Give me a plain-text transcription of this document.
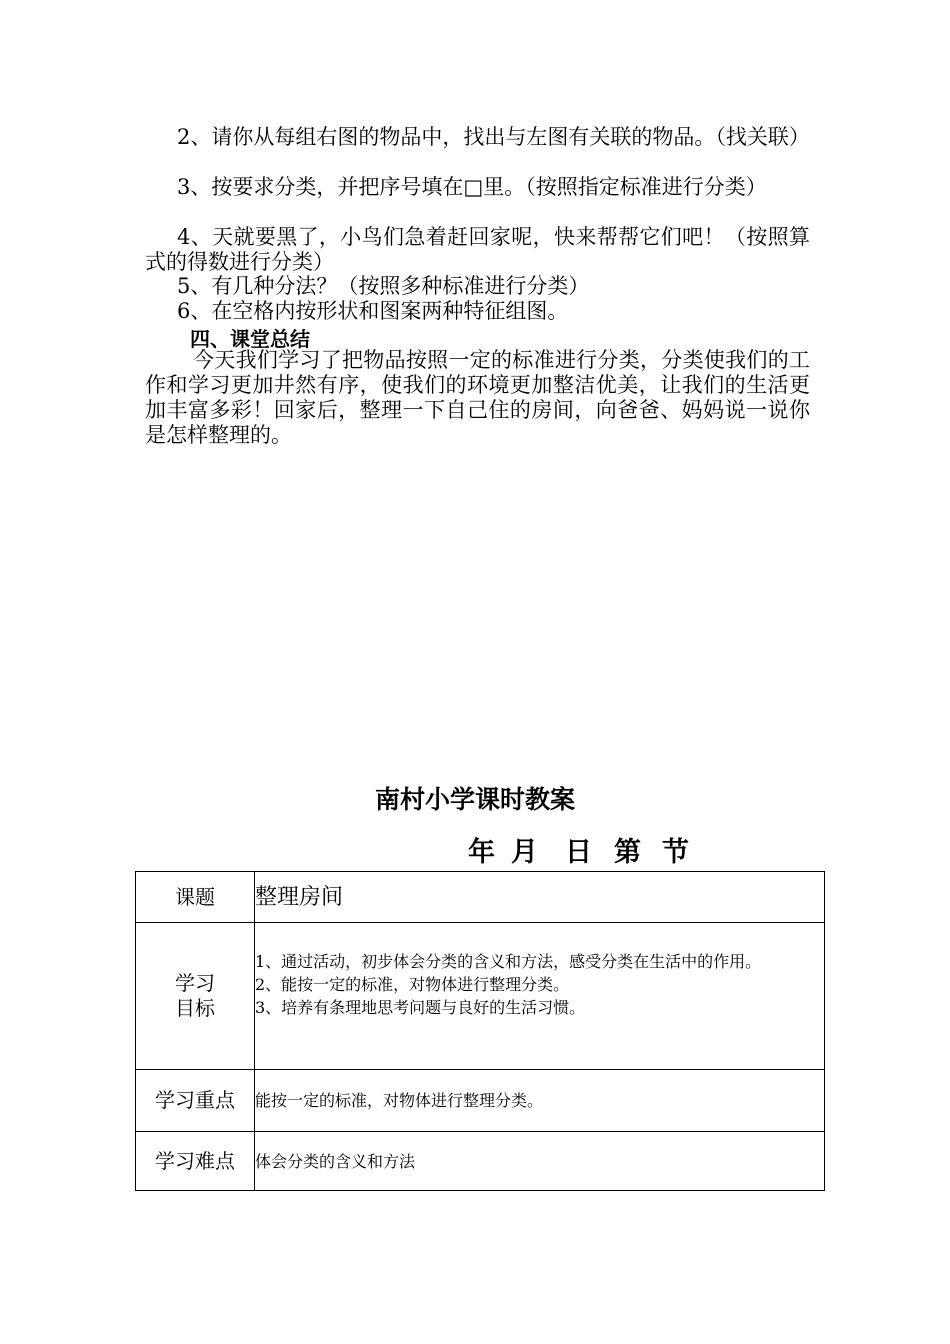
2、请你从每组右图的物品中，找出与左图有关联的物品。（找关联）

3、按要求分类，并把序号填在□里。（按照指定标准进行分类）

4、天就要黑了，小鸟们急着赶回家呢，快来帮帮它们吧！（按照算式的得数进行分类）

5、有几种分法？（按照多种标准进行分类）

6、在空格内按形状和图案两种特征组图。

四、课堂总结

今天我们学习了把物品按照一定的标准进行分类，分类使我们的工作和学习更加井然有序，使我们的环境更加整洁优美，让我们的生活更加丰富多彩！回家后，整理一下自己住的房间，向爸爸、妈妈说一说你是怎样整理的。

南村小学课时教案
年 月 日 第 节
课题	整理房间

学习
目标	1、通过活动，初步体会分类的含义和方法，感受分类在生活中的作用。
2、能按一定的标准，对物体进行整理分类。
3、培养有条理地思考问题与良好的生活习惯。

学习重点	能按一定的标准，对物体进行整理分类。
学习难点	体会分类的含义和方法
